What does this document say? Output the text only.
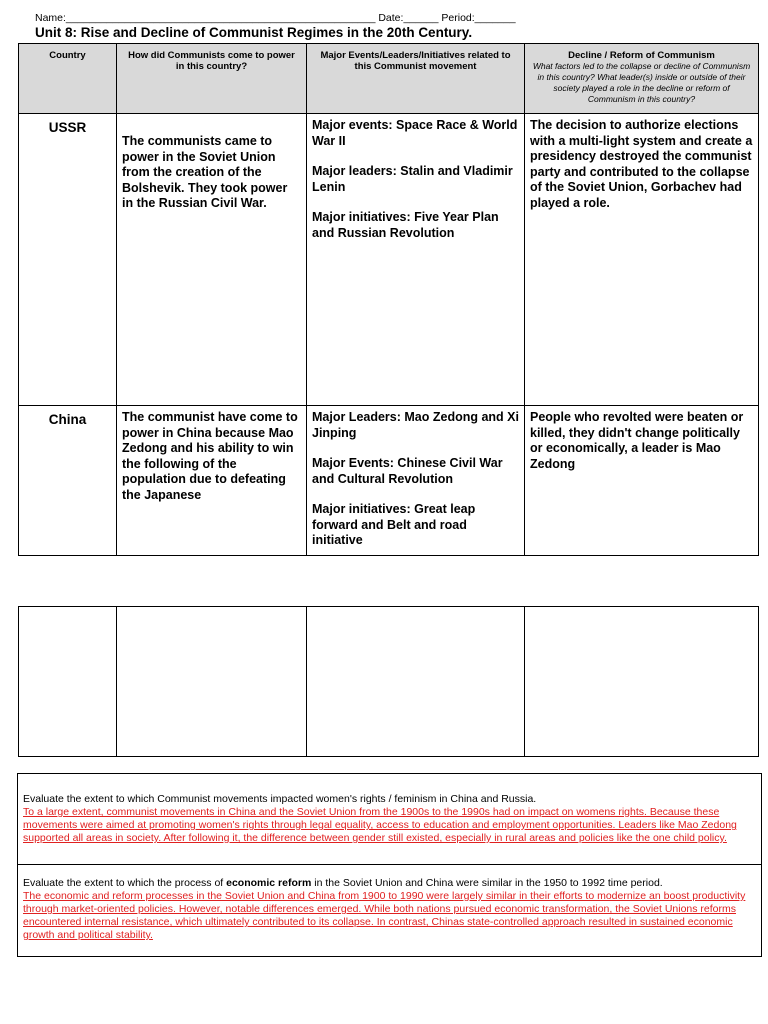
Name:_____________________________________________________ Date:______ Period:_______
Unit 8: Rise and Decline of Communist Regimes in the 20th Century.
Country	How did Communists come to power in this country?	Major Events/Leaders/Initiatives related to this Communist movement	Decline / Reform of Communism
What factors led to the collapse or decline of Communism in this country? What leader(s) inside or outside of their society played a role in the decline or reform of Communism in this country?

USSR	The communists came to power in the Soviet Union from the creation of the Bolshevik. They took power in the Russian Civil War.	Major events: Space Race & World War II

Major leaders: Stalin and Vladimir Lenin

Major initiatives: Five Year Plan and Russian Revolution	The decision to authorize elections with a multi-light system and create a presidency destroyed the communist party and contributed to the collapse of the Soviet Union, Gorbachev had played a role.

China	The communist have come to power in China because Mao Zedong and his ability to win the following of the population due to defeating the Japanese	Major Leaders: Mao Zedong and Xi Jinping

Major Events: Chinese Civil War and Cultural Revolution

Major initiatives: Great leap forward and Belt and road initiative	People who revolted were beaten or killed, they didn't change politically or economically, a leader is Mao Zedong

Evaluate the extent to which Communist movements impacted women's rights / feminism in China and Russia.
To a large extent, communist movements in China and the Soviet Union from the 1900s to the 1990s had on impact on womens rights. Because these movements were aimed at promoting women's rights through legal equality, access to education and employment opportunities. Leaders like Mao Zedong supported all areas in society. After following it, the difference between gender still existed, especially in rural areas and policies like the one child policy.
Evaluate the extent to which the process of economic reform in the Soviet Union and China were similar in the 1950 to 1992 time period.
The economic and reform processes in the Soviet Union and China from 1900 to 1990 were largely similar in their efforts to modernize an boost productivity through market-oriented policies. However, notable differences emerged. While both nations pursued economic transformation, the Soviet Unions reforms encountered internal resistance, which ultimately contributed to its collapse. In contrast, Chinas state-controlled approach resulted in sustained economic growth and political stability.
